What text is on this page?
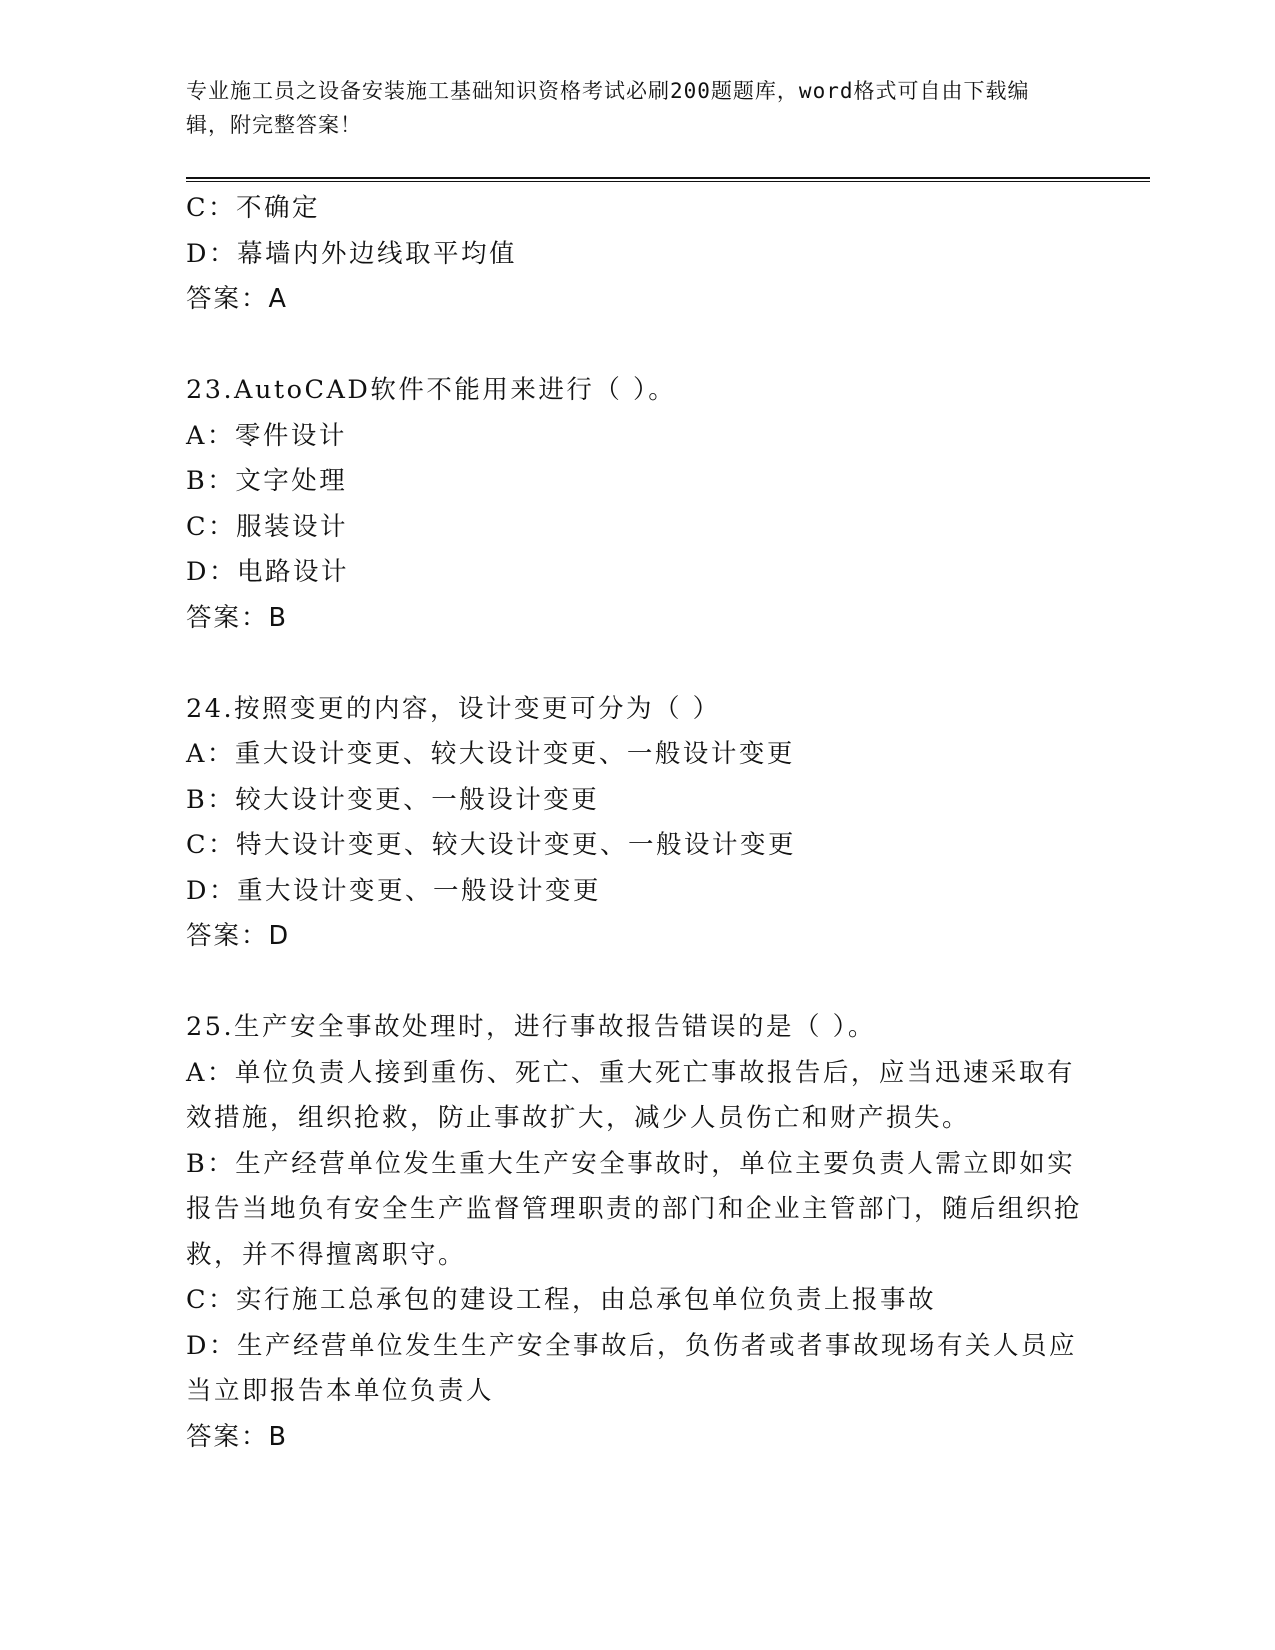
专业施工员之设备安装施工基础知识资格考试必刷200题题库，word格式可自由下载编辑，附完整答案！
C：不确定
D：幕墙内外边线取平均值
答案：A
23.AutoCAD软件不能用来进行（ ）。
A：零件设计
B：文字处理
C：服装设计
D：电路设计
答案：B
24.按照变更的内容，设计变更可分为（ ）
A：重大设计变更、较大设计变更、一般设计变更
B：较大设计变更、一般设计变更
C：特大设计变更、较大设计变更、一般设计变更
D：重大设计变更、一般设计变更
答案：D
25.生产安全事故处理时，进行事故报告错误的是（ ）。
A：单位负责人接到重伤、死亡、重大死亡事故报告后，应当迅速采取有效措施，组织抢救，防止事故扩大，减少人员伤亡和财产损失。
B：生产经营单位发生重大生产安全事故时，单位主要负责人需立即如实报告当地负有安全生产监督管理职责的部门和企业主管部门，随后组织抢救，并不得擅离职守。
C：实行施工总承包的建设工程，由总承包单位负责上报事故
D：生产经营单位发生生产安全事故后，负伤者或者事故现场有关人员应当立即报告本单位负责人
答案：B
